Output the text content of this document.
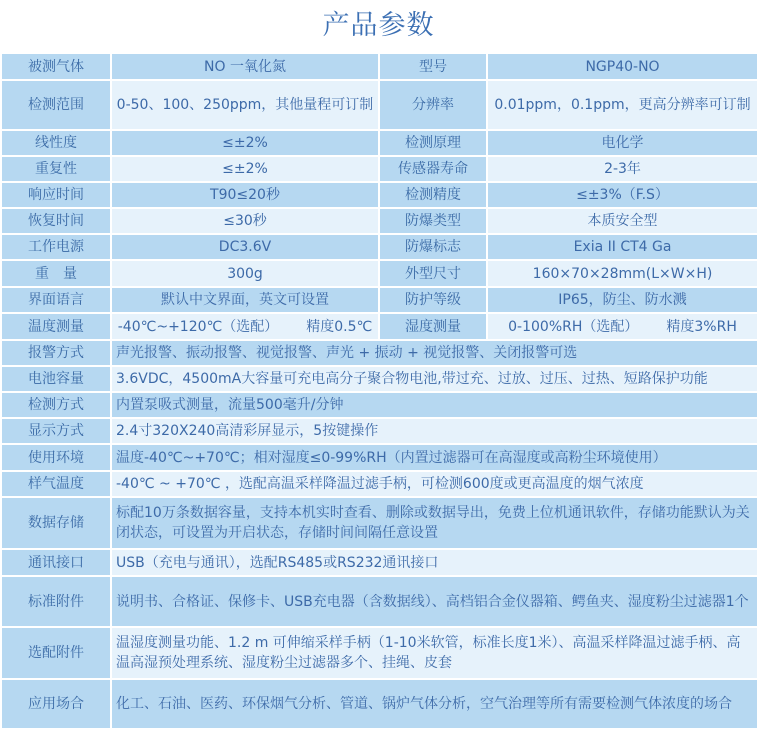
产品参数
被测气体	NO 一氧化氮	型号	NGP40-NO
检测范围	0-50、100、250ppm，其他量程可订制	分辨率	0.01ppm，0.1ppm，更高分辨率可订制
线性度	≤±2%	检测原理	电化学
重复性	≤±2%	传感器寿命	2-3年
响应时间	T90≤20秒	检测精度	≤±3%（F.S）
恢复时间	≤30秒	防爆类型	本质安全型
工作电源	DC3.6V	防爆标志	Exia II CT4 Ga
重　量	300g	外型尺寸	160×70×28mm(L×W×H)
界面语言	默认中文界面，英文可设置	防护等级	IP65，防尘、防水溅
温度测量	-40℃~+120℃（选配） 精度0.5℃	湿度测量	0-100%RH（选配） 精度3%RH
报警方式	声光报警、振动报警、视觉报警、声光 + 振动 + 视觉报警、关闭报警可选		
电池容量	3.6VDC，4500mA大容量可充电高分子聚合物电池,带过充、过放、过压、过热、短路保护功能		
检测方式	内置泵吸式测量，流量500毫升/分钟		
显示方式	2.4寸320X240高清彩屏显示，5按键操作		
使用环境	温度-40℃~+70℃；相对湿度≤0-99%RH（内置过滤器可在高湿度或高粉尘环境使用）		
样气温度	-40℃ ~ +70℃ ，选配高温采样降温过滤手柄，可检测600度或更高温度的烟气浓度		
数据存储	标配10万条数据容量，支持本机实时查看、删除或数据导出，免费上位机通讯软件，存储功能默认为关闭状态，可设置为开启状态，存储时间间隔任意设置		
通讯接口	USB（充电与通讯），选配RS485或RS232通讯接口		
标准附件	说明书、合格证、保修卡、USB充电器（含数据线）、高档铝合金仪器箱、鳄鱼夹、湿度粉尘过滤器1个		
选配附件	温湿度测量功能、1.2 m 可伸缩采样手柄（1-10米软管，标准长度1米）、高温采样降温过滤手柄、高温高湿预处理系统、湿度粉尘过滤器多个、挂绳、皮套		
应用场合	化工、石油、医药、环保烟气分析、管道、锅炉气体分析，空气治理等所有需要检测气体浓度的场合		
